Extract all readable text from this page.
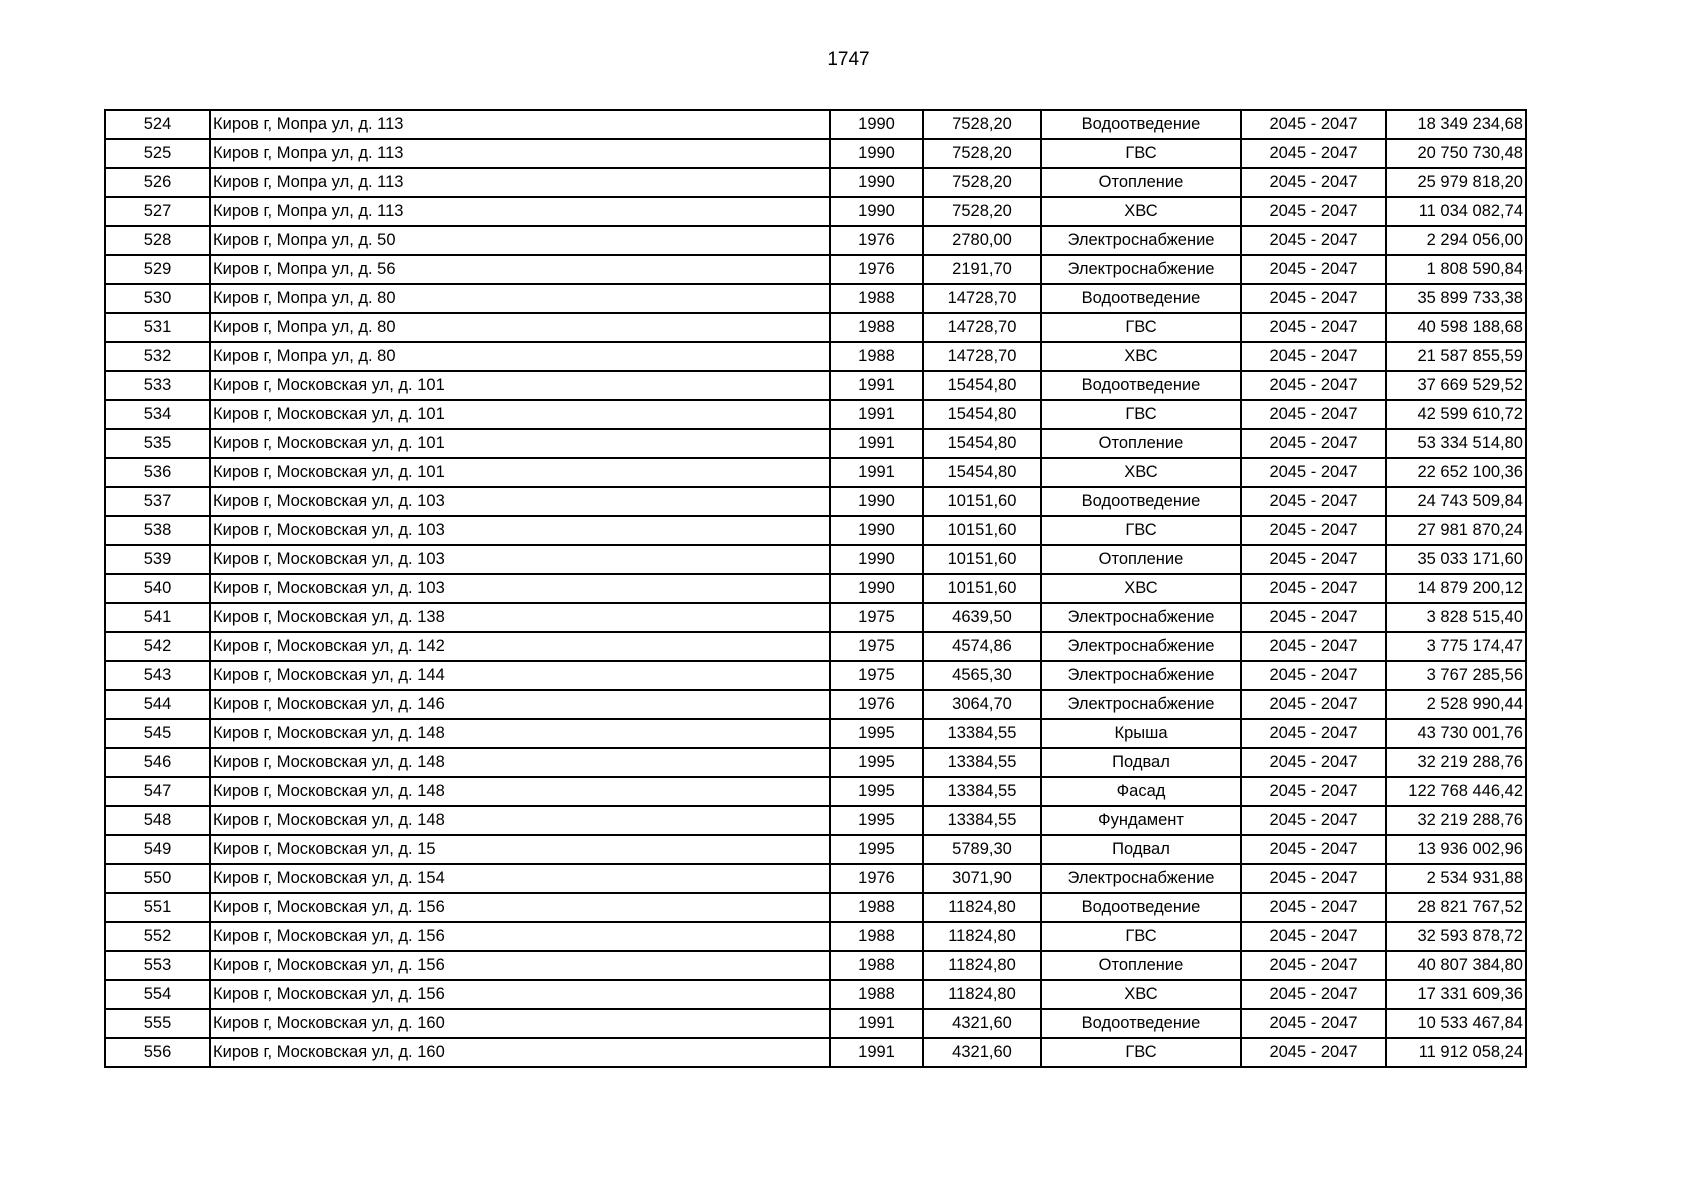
1747
524	Киров г, Мопра ул, д. 113	1990	7528,20	Водоотведение	2045 - 2047	18 349 234,68
525	Киров г, Мопра ул, д. 113	1990	7528,20	ГВС	2045 - 2047	20 750 730,48
526	Киров г, Мопра ул, д. 113	1990	7528,20	Отопление	2045 - 2047	25 979 818,20
527	Киров г, Мопра ул, д. 113	1990	7528,20	ХВС	2045 - 2047	11 034 082,74
528	Киров г, Мопра ул, д. 50	1976	2780,00	Электроснабжение	2045 - 2047	2 294 056,00
529	Киров г, Мопра ул, д. 56	1976	2191,70	Электроснабжение	2045 - 2047	1 808 590,84
530	Киров г, Мопра ул, д. 80	1988	14728,70	Водоотведение	2045 - 2047	35 899 733,38
531	Киров г, Мопра ул, д. 80	1988	14728,70	ГВС	2045 - 2047	40 598 188,68
532	Киров г, Мопра ул, д. 80	1988	14728,70	ХВС	2045 - 2047	21 587 855,59
533	Киров г, Московская ул, д. 101	1991	15454,80	Водоотведение	2045 - 2047	37 669 529,52
534	Киров г, Московская ул, д. 101	1991	15454,80	ГВС	2045 - 2047	42 599 610,72
535	Киров г, Московская ул, д. 101	1991	15454,80	Отопление	2045 - 2047	53 334 514,80
536	Киров г, Московская ул, д. 101	1991	15454,80	ХВС	2045 - 2047	22 652 100,36
537	Киров г, Московская ул, д. 103	1990	10151,60	Водоотведение	2045 - 2047	24 743 509,84
538	Киров г, Московская ул, д. 103	1990	10151,60	ГВС	2045 - 2047	27 981 870,24
539	Киров г, Московская ул, д. 103	1990	10151,60	Отопление	2045 - 2047	35 033 171,60
540	Киров г, Московская ул, д. 103	1990	10151,60	ХВС	2045 - 2047	14 879 200,12
541	Киров г, Московская ул, д. 138	1975	4639,50	Электроснабжение	2045 - 2047	3 828 515,40
542	Киров г, Московская ул, д. 142	1975	4574,86	Электроснабжение	2045 - 2047	3 775 174,47
543	Киров г, Московская ул, д. 144	1975	4565,30	Электроснабжение	2045 - 2047	3 767 285,56
544	Киров г, Московская ул, д. 146	1976	3064,70	Электроснабжение	2045 - 2047	2 528 990,44
545	Киров г, Московская ул, д. 148	1995	13384,55	Крыша	2045 - 2047	43 730 001,76
546	Киров г, Московская ул, д. 148	1995	13384,55	Подвал	2045 - 2047	32 219 288,76
547	Киров г, Московская ул, д. 148	1995	13384,55	Фасад	2045 - 2047	122 768 446,42
548	Киров г, Московская ул, д. 148	1995	13384,55	Фундамент	2045 - 2047	32 219 288,76
549	Киров г, Московская ул, д. 15	1995	5789,30	Подвал	2045 - 2047	13 936 002,96
550	Киров г, Московская ул, д. 154	1976	3071,90	Электроснабжение	2045 - 2047	2 534 931,88
551	Киров г, Московская ул, д. 156	1988	11824,80	Водоотведение	2045 - 2047	28 821 767,52
552	Киров г, Московская ул, д. 156	1988	11824,80	ГВС	2045 - 2047	32 593 878,72
553	Киров г, Московская ул, д. 156	1988	11824,80	Отопление	2045 - 2047	40 807 384,80
554	Киров г, Московская ул, д. 156	1988	11824,80	ХВС	2045 - 2047	17 331 609,36
555	Киров г, Московская ул, д. 160	1991	4321,60	Водоотведение	2045 - 2047	10 533 467,84
556	Киров г, Московская ул, д. 160	1991	4321,60	ГВС	2045 - 2047	11 912 058,24
